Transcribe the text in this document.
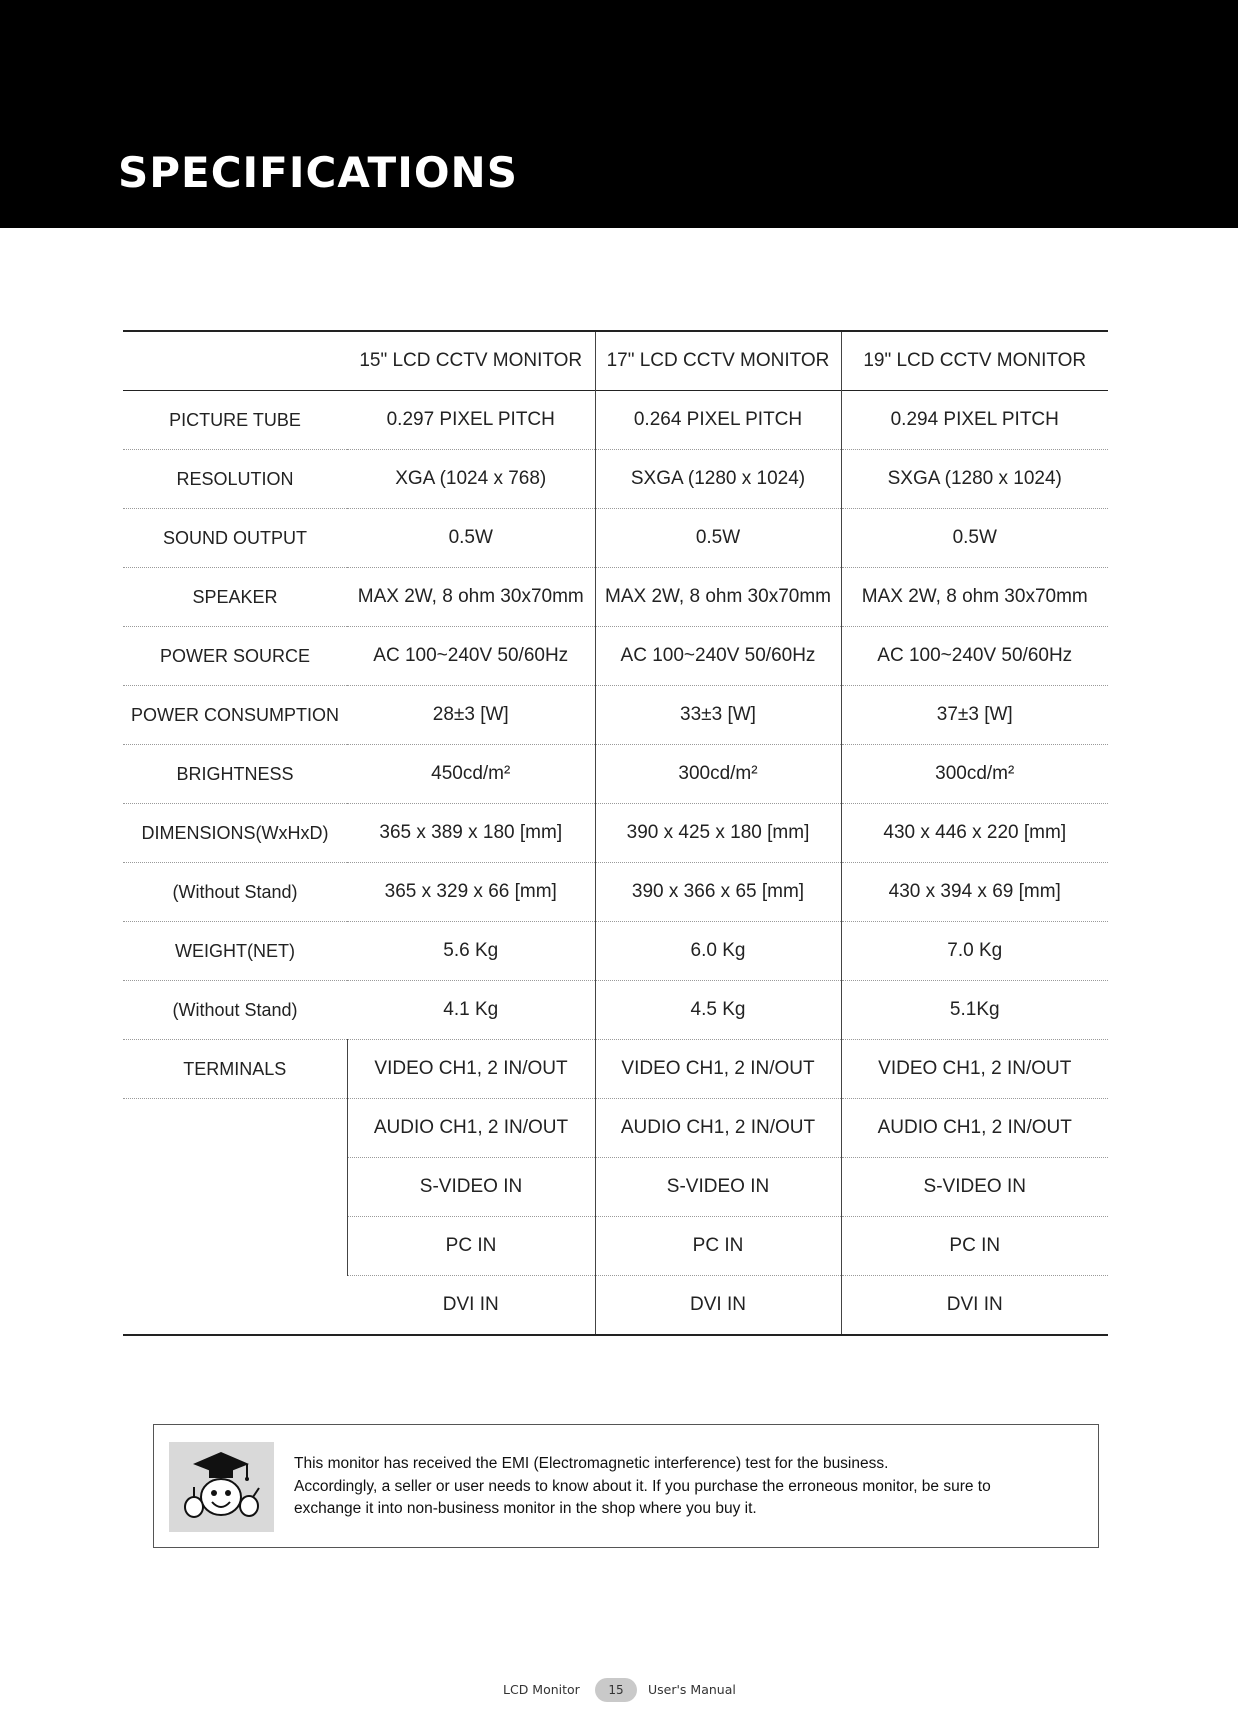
SPECIFICATIONS
	15" LCD CCTV MONITOR	17" LCD CCTV MONITOR	19" LCD CCTV MONITOR
PICTURE TUBE	0.297 PIXEL PITCH	0.264 PIXEL PITCH	0.294 PIXEL PITCH
RESOLUTION	XGA (1024 x 768)	SXGA (1280 x 1024)	SXGA (1280 x 1024)
SOUND OUTPUT	0.5W	0.5W	0.5W
SPEAKER	MAX 2W, 8 ohm 30x70mm	MAX 2W, 8 ohm 30x70mm	MAX 2W, 8 ohm 30x70mm
POWER SOURCE	AC 100~240V 50/60Hz	AC 100~240V 50/60Hz	AC 100~240V 50/60Hz
POWER CONSUMPTION	28±3 [W]	33±3 [W]	37±3 [W]
BRIGHTNESS	450cd/m²	300cd/m²	300cd/m²
DIMENSIONS(WxHxD)	365 x 389 x 180 [mm]	390 x 425 x 180 [mm]	430 x 446 x 220 [mm]
(Without Stand)	365 x 329 x 66 [mm]	390 x 366 x 65 [mm]	430 x 394 x 69 [mm]
WEIGHT(NET)	5.6 Kg	6.0 Kg	7.0 Kg
(Without Stand)	4.1 Kg	4.5 Kg	5.1Kg
TERMINALS	VIDEO CH1, 2 IN/OUT	VIDEO CH1, 2 IN/OUT	VIDEO CH1, 2 IN/OUT
	AUDIO CH1, 2 IN/OUT	AUDIO CH1, 2 IN/OUT	AUDIO CH1, 2 IN/OUT
	S-VIDEO IN	S-VIDEO IN	S-VIDEO IN
	PC IN	PC IN	PC IN
	DVI IN	DVI IN	DVI IN

This monitor has received the EMI (Electromagnetic interference) test for the business.

Accordingly, a seller or user needs to know about it. If you purchase the erroneous monitor, be sure to

exchange it into non-business monitor in the shop where you buy it.

LCD Monitor	15	User's Manual
